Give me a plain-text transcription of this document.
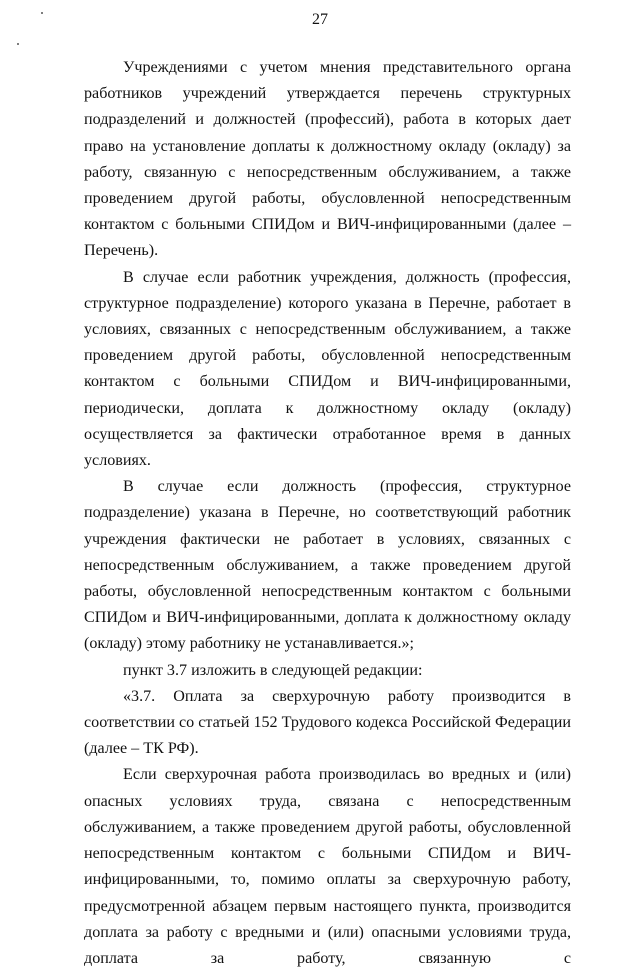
27

Учреждениями с учетом мнения представительного органа работников учреждений утверждается перечень структурных подразделений и должностей (профессий), работа в которых дает право на установление доплаты к должностному окладу (окладу) за работу, связанную с непосредственным обслуживанием, а также проведением другой работы, обусловленной непосредственным контактом с больными СПИДом и ВИЧ-инфицированными (далее – Перечень).

В случае если работник учреждения, должность (профессия, структурное подразделение) которого указана в Перечне, работает в условиях, связанных с непосредственным обслуживанием, а также проведением другой работы, обусловленной непосредственным контактом с больными СПИДом и ВИЧ-инфицированными, периодически, доплата к должностному окладу (окладу) осуществляется за фактически отработанное время в данных условиях.

В случае если должность (профессия, структурное подразделение) указана в Перечне, но соответствующий работник учреждения фактически не работает в условиях, связанных с непосредственным обслуживанием, а также проведением другой работы, обусловленной непосредственным контактом с больными СПИДом и ВИЧ-инфицированными, доплата к должностному окладу (окладу) этому работнику не устанавливается.»;

пункт 3.7 изложить в следующей редакции:

«3.7. Оплата за сверхурочную работу производится в соответствии со статьей 152 Трудового кодекса Российской Федерации (далее – ТК РФ).

Если сверхурочная работа производилась во вредных и (или) опасных условиях труда, связана с непосредственным обслуживанием, а также проведением другой работы, обусловленной непосредственным контактом с больными СПИДом и ВИЧ-инфицированными, то, помимо оплаты за сверхурочную работу, предусмотренной абзацем первым настоящего пункта, производится доплата за работу с вредными и (или) опасными условиями труда, доплата за работу, связанную с
